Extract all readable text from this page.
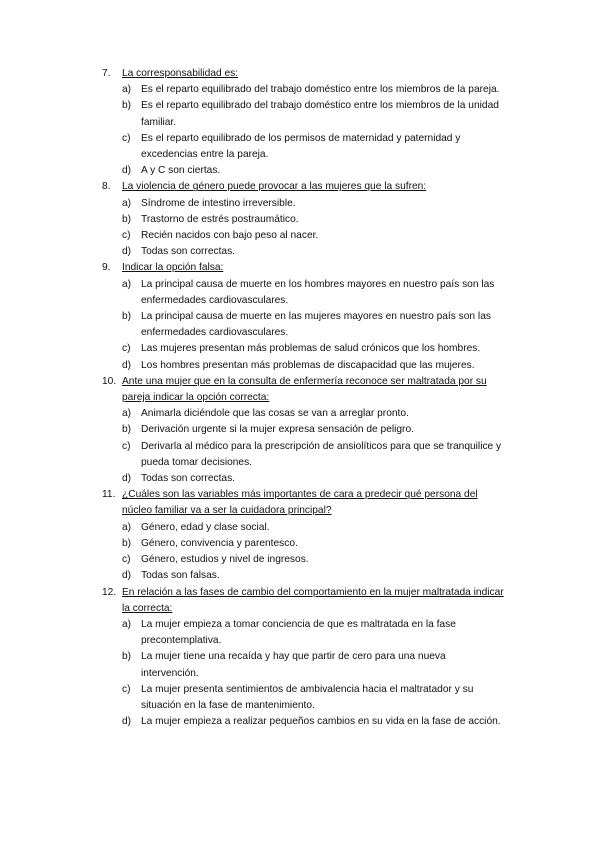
7.	La corresponsabilidad es:
a) Es el reparto equilibrado del trabajo doméstico entre los miembros de la pareja.
b) Es el reparto equilibrado del trabajo doméstico entre los miembros de la unidad familiar.
c)	Es el reparto equilibrado de los permisos de maternidad y paternidad y excedencias entre la pareja.
d) A y C son ciertas.
8.	La violencia de género puede provocar a las mujeres que la sufren:
a) Síndrome de intestino irreversible.
b) Trastorno de estrés postraumático.
c)	Recién nacidos con bajo peso al nacer.
d) Todas son correctas.
9.	Indicar la opción falsa:
a) La principal causa de muerte en los hombres mayores en nuestro país son las enfermedades cardiovasculares.
b) La principal causa de muerte en las mujeres mayores en nuestro país son las enfermedades cardiovasculares.
c)	Las mujeres presentan más problemas de salud crónicos que los hombres.
d) Los hombres presentan más problemas de discapacidad que las mujeres.
10. Ante una mujer que en la consulta de enfermería reconoce ser maltratada por su pareja indicar la opción correcta:
a) Animarla diciéndole que las cosas se van a arreglar pronto.
b) Derivación urgente si la mujer expresa sensación de peligro.
c)	Derivarla al médico para la prescripción de ansiolíticos para que se tranquilice y pueda tomar decisiones.
d) Todas son correctas.
11. ¿Cuáles son las variables más importantes de cara a predecir qué persona del núcleo familiar va a ser la cuidadora principal?
a) Género, edad y clase social.
b) Género, convivencia y parentesco.
c)	Género, estudios y nivel de ingresos.
d) Todas son falsas.
12. En relación a las fases de cambio del comportamiento en la mujer maltratada indicar la correcta:
a) La mujer empieza a tomar conciencia de que es maltratada en la fase precontemplativa.
b) La mujer tiene una recaída y hay que partir de cero para una nueva intervención.
c)	La mujer presenta sentimientos de ambivalencia hacia el maltratador y su situación en la fase de mantenimiento.
d) La mujer empieza a realizar pequeños cambios en su vida en la fase de acción.
